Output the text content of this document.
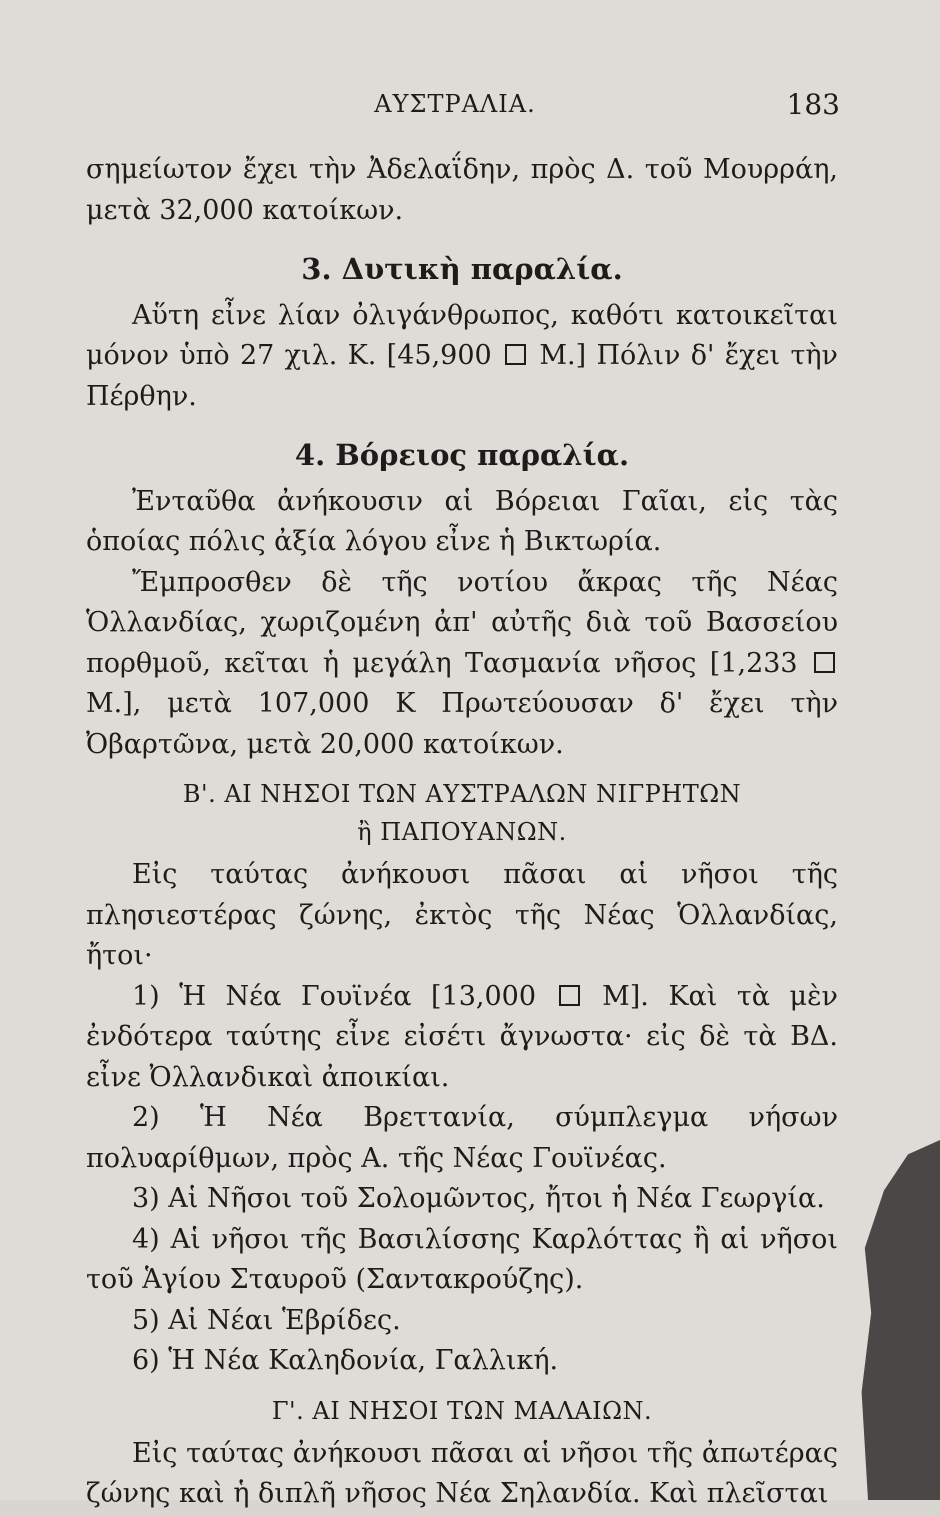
ΑΥΣΤΡΑΛΙΑ.	183

σημείωτον ἔχει τὴν Ἀδελαΐδην, πρὸς Δ. τοῦ Μουρράη, μετὰ 32,000 κατοίκων.

3. Δυτικὴ παραλία.

Αὕτη εἶνε λίαν ὀλιγάνθρωπος, καθότι κατοικεῖται μόνον ὑπὸ 27 χιλ. Κ. [45,900 Μ.] Πόλιν δ' ἔχει τὴν Πέρθην.

4. Βόρειος παραλία.

Ἐνταῦθα ἀνήκουσιν αἱ Βόρειαι Γαῖαι, εἰς τὰς ὁποίας πόλις ἀξία λόγου εἶνε ἡ Βικτωρία.

Ἔμπροσθεν δὲ τῆς νοτίου ἄκρας τῆς Νέας Ὁλλανδίας, χωριζομένη ἀπ' αὐτῆς διὰ τοῦ Βασσείου πορθμοῦ, κεῖται ἡ μεγάλη Τασμανία νῆσος [1,233  Μ.], μετὰ 107,000 Κ Πρωτεύουσαν δ' ἔχει τὴν Ὀβαρτῶνα, μετὰ 20,000 κατοίκων.

Β'. ΑΙ ΝΗΣΟΙ ΤΩΝ ΑΥΣΤΡΑΛΩΝ ΝΙΓΡΗΤΩΝ
ἢ ΠΑΠΟΥΑΝΩΝ.

Εἰς ταύτας ἀνήκουσι πᾶσαι αἱ νῆσοι τῆς πλησιεστέρας ζώνης, ἐκτὸς τῆς Νέας Ὁλλανδίας, ἤτοι·

1) Ἡ Νέα Γουϊνέα [13,000 Μ]. Καὶ τὰ μὲν ἐνδότερα ταύτης εἶνε εἰσέτι ἄγνωστα· εἰς δὲ τὰ ΒΔ. εἶνε Ὀλλανδικαὶ ἀποικίαι.

2) Ἡ Νέα Βρεττανία, σύμπλεγμα νήσων πολυαρίθμων, πρὸς Α. τῆς Νέας Γουϊνέας.

3) Αἱ Νῆσοι τοῦ Σολομῶντος, ἤτοι ἡ Νέα Γεωργία.

4) Αἱ νῆσοι τῆς Βασιλίσσης Καρλόττας ἢ αἱ νῆσοι τοῦ Ἁγίου Σταυροῦ (Σαντακρούζης).

5) Αἱ Νέαι Ἑβρίδες.

6) Ἡ Νέα Καληδονία, Γαλλική.

Γ'. ΑΙ ΝΗΣΟΙ ΤΩΝ ΜΑΛΑΙΩΝ.

Εἰς ταύτας ἀνήκουσι πᾶσαι αἱ νῆσοι τῆς ἀπωτέρας ζώνης καὶ ἡ διπλῆ νῆσος Νέα Σηλανδία. Καὶ πλεῖσται
